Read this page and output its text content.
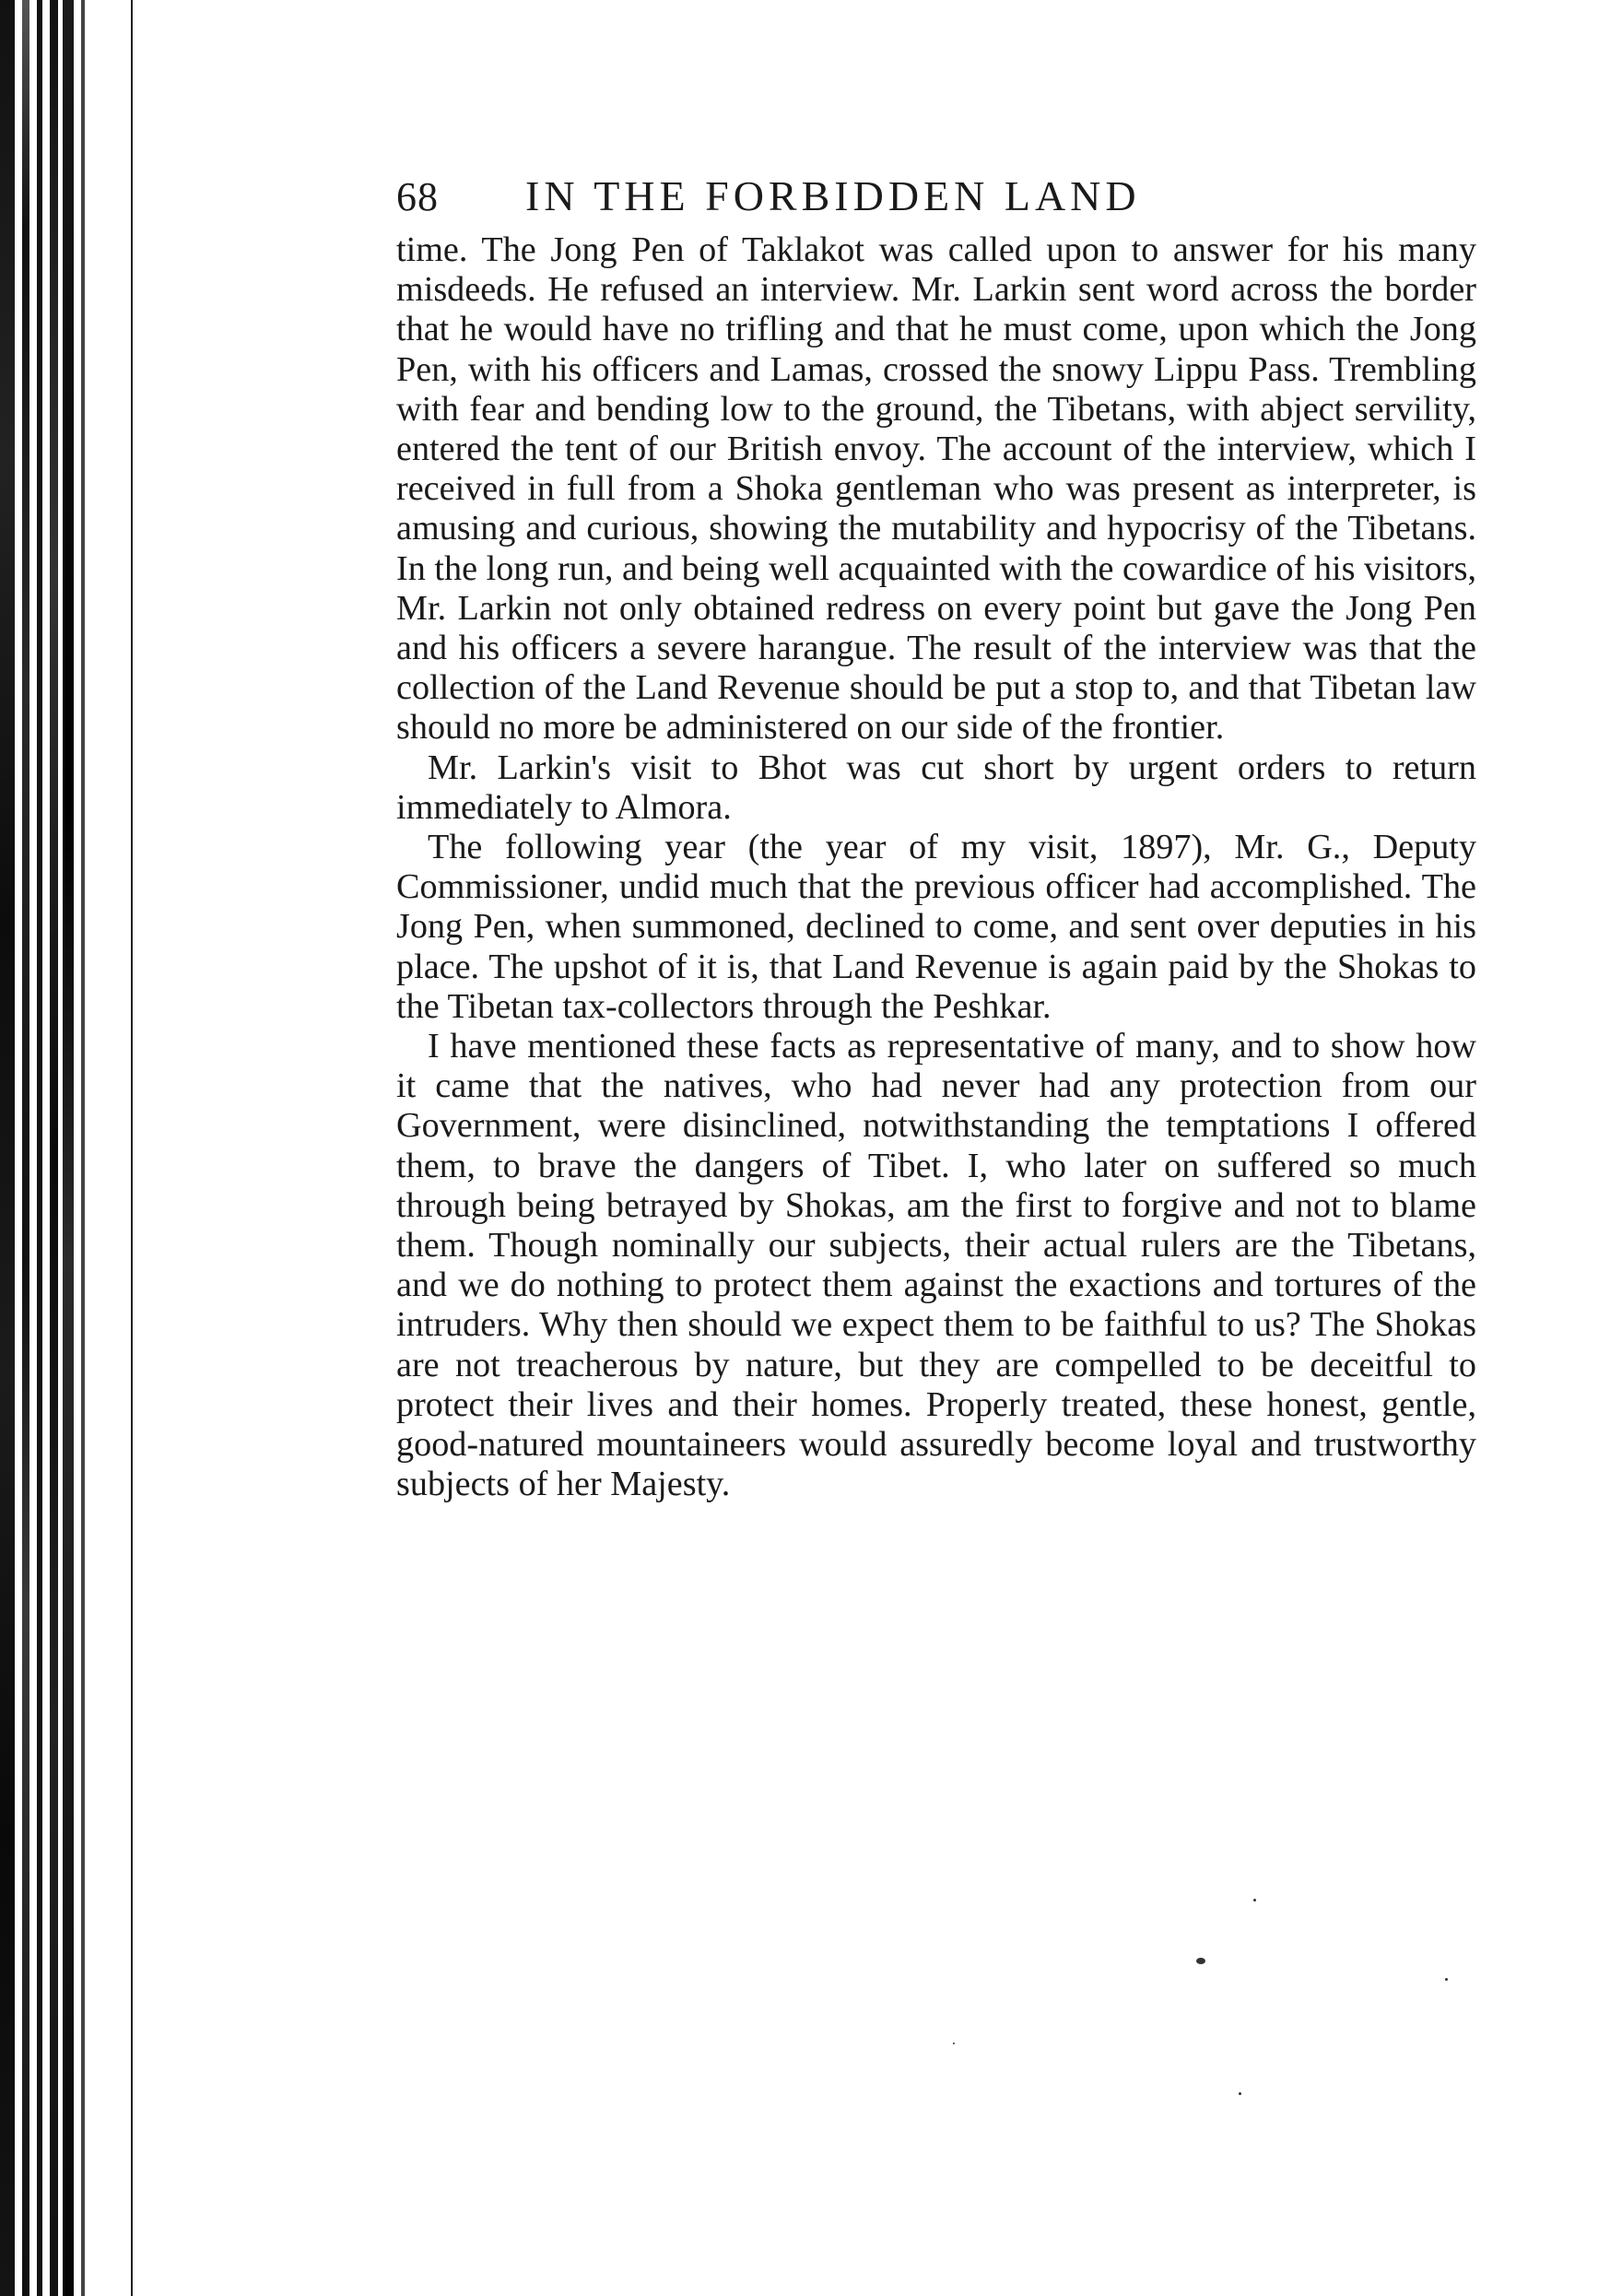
68	IN THE FORBIDDEN LAND

time. The Jong Pen of Taklakot was called upon to answer for his many misdeeds. He refused an interview. Mr. Larkin sent word across the border that he would have no trifling and that he must come, upon which the Jong Pen, with his officers and Lamas, crossed the snowy Lippu Pass. Trembling with fear and bending low to the ground, the Tibetans, with abject servility, entered the tent of our British envoy. The account of the interview, which I received in full from a Shoka gentleman who was present as interpreter, is amusing and curious, showing the mutability and hypocrisy of the Tibetans. In the long run, and being well acquainted with the cowardice of his visitors, Mr. Larkin not only obtained redress on every point but gave the Jong Pen and his officers a severe harangue. The result of the interview was that the collection of the Land Revenue should be put a stop to, and that Tibetan law should no more be administered on our side of the frontier.

Mr. Larkin's visit to Bhot was cut short by urgent orders to return immediately to Almora.

The following year (the year of my visit, 1897), Mr. G., Deputy Commissioner, undid much that the previous officer had accomplished. The Jong Pen, when summoned, declined to come, and sent over deputies in his place. The upshot of it is, that Land Revenue is again paid by the Shokas to the Tibetan tax-collectors through the Peshkar.

I have mentioned these facts as representative of many, and to show how it came that the natives, who had never had any protection from our Government, were disinclined, notwithstanding the temptations I offered them, to brave the dangers of Tibet. I, who later on suffered so much through being betrayed by Shokas, am the first to forgive and not to blame them. Though nominally our subjects, their actual rulers are the Tibetans, and we do nothing to protect them against the exactions and tortures of the intruders. Why then should we expect them to be faithful to us? The Shokas are not treacherous by nature, but they are compelled to be deceitful to protect their lives and their homes. Properly treated, these honest, gentle, good-natured mountaineers would assuredly become loyal and trustworthy subjects of her Majesty.
